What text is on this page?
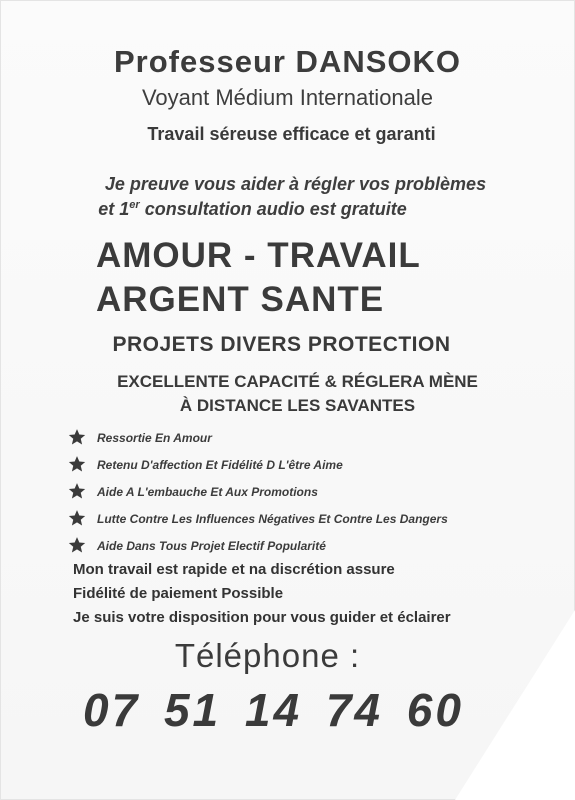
Professeur DANSOKO
Voyant Médium Internationale
Travail séreuse efficace et garanti
Je preuve vous aider à régler vos problèmes
et 1er consultation audio est gratuite
AMOUR - TRAVAIL
ARGENT SANTE
PROJETS DIVERS PROTECTION
EXCELLENTE CAPACITÉ & RÉGLERA MÈNE
À DISTANCE LES SAVANTES
Ressortie En Amour
Retenu D'affection Et Fidélité D L'être Aime
Aide A L'embauche Et Aux Promotions
Lutte Contre Les Influences Négatives Et Contre Les Dangers
Aide Dans Tous Projet Electif Popularité
Mon travail est rapide et na discrétion assure
Fidélité de paiement Possible
Je suis votre disposition pour vous guider et éclairer
Téléphone :
07 51 14 74 60
